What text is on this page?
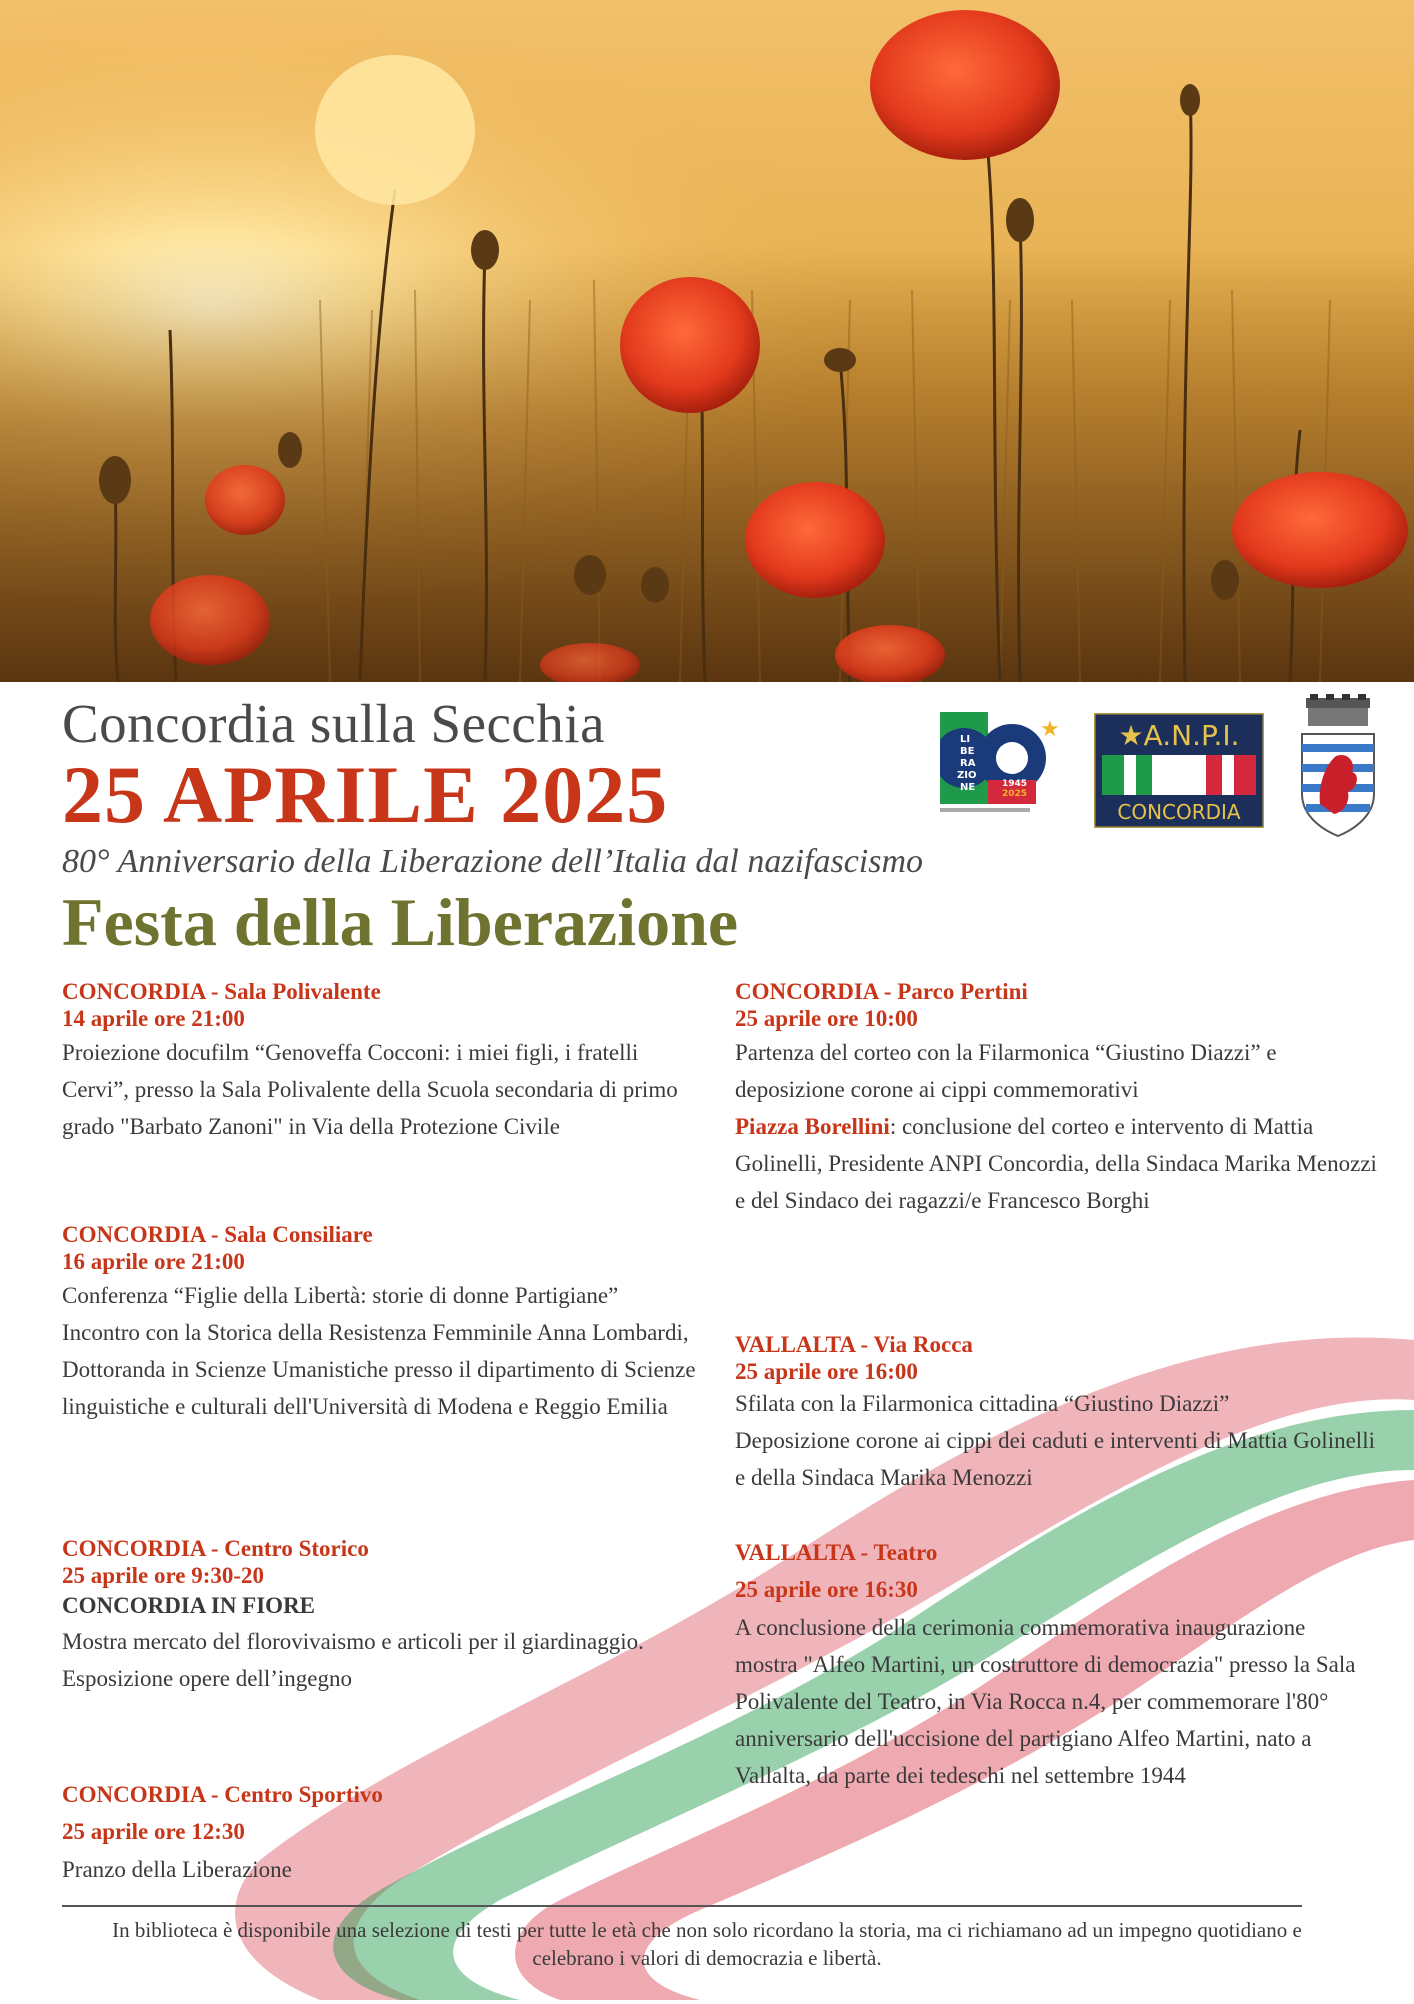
Concordia sulla Secchia
25 APRILE 2025

80° Anniversario della Liberazione dell’Italia dal nazifascismo

Festa della Liberazione
★
LI
BE
RA
ZIO
NE	1945
2025
★A.N.P.I.
CONCORDIA
CONCORDIA - Sala Polivalente
14 aprile ore 21:00
Proiezione docufilm “Genoveffa Cocconi: i miei figli, i fratelli Cervi”, presso la Sala Polivalente della Scuola secondaria di primo grado "Barbato Zanoni" in Via della Protezione Civile
CONCORDIA - Sala Consiliare
16 aprile ore 21:00
Conferenza “Figlie della Libertà: storie di donne Partigiane”
Incontro con la Storica della Resistenza Femminile Anna Lombardi, Dottoranda in Scienze Umanistiche presso il dipartimento di Scienze linguistiche e culturali dell'Università di Modena e Reggio Emilia
CONCORDIA - Centro Storico
25 aprile ore 9:30-20
CONCORDIA IN FIORE
Mostra mercato del florovivaismo e articoli per il giardinaggio.
Esposizione opere dell’ingegno
CONCORDIA - Centro Sportivo
25 aprile ore 12:30
Pranzo della Liberazione
CONCORDIA - Parco Pertini
25 aprile ore 10:00
Partenza del corteo con la Filarmonica “Giustino Diazzi” e deposizione corone ai cippi commemorativi
Piazza Borellini: conclusione del corteo e intervento di Mattia Golinelli, Presidente ANPI Concordia, della Sindaca Marika Menozzi e del Sindaco dei ragazzi/e Francesco Borghi
VALLALTA - Via Rocca
25 aprile ore 16:00
Sfilata con la Filarmonica cittadina “Giustino Diazzi”
Deposizione corone ai cippi dei caduti e interventi di Mattia Golinelli e della Sindaca Marika Menozzi
VALLALTA - Teatro
25 aprile ore 16:30
A conclusione della cerimonia commemorativa inaugurazione mostra "Alfeo Martini, un costruttore di democrazia" presso la Sala Polivalente del Teatro, in Via Rocca n.4, per commemorare l'80° anniversario dell'uccisione del partigiano Alfeo Martini, nato a Vallalta, da parte dei tedeschi nel settembre 1944
In biblioteca è disponibile una selezione di testi per tutte le età che non solo ricordano la storia, ma ci richiamano ad un impegno quotidiano e celebrano i valori di democrazia e libertà.
